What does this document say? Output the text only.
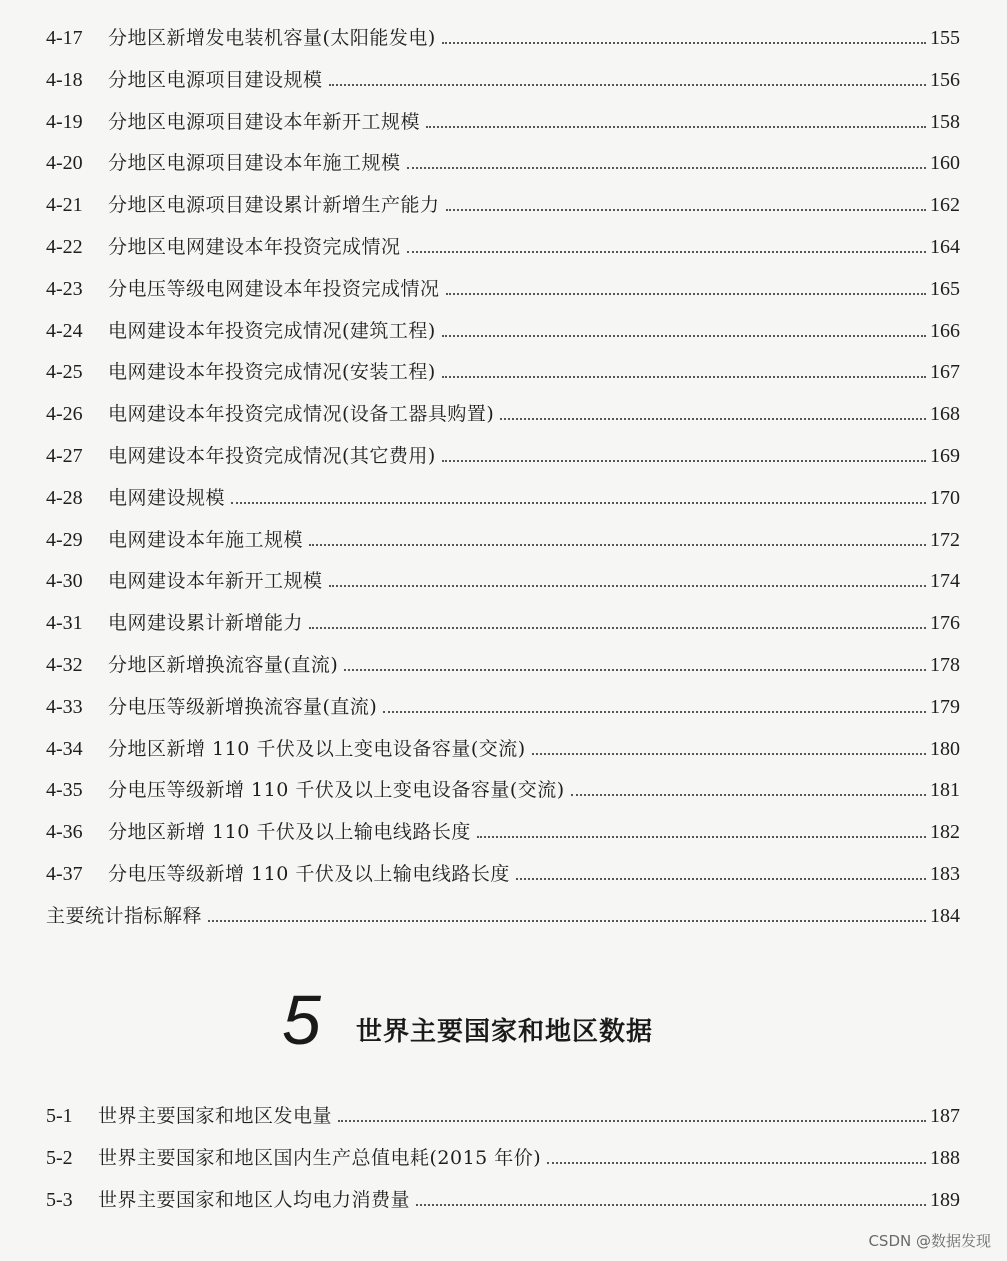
4-17	分地区新增发电装机容量(太阳能发电)	155
4-18	分地区电源项目建设规模	156
4-19	分地区电源项目建设本年新开工规模	158
4-20	分地区电源项目建设本年施工规模	160
4-21	分地区电源项目建设累计新增生产能力	162
4-22	分地区电网建设本年投资完成情况	164
4-23	分电压等级电网建设本年投资完成情况	165
4-24	电网建设本年投资完成情况(建筑工程)	166
4-25	电网建设本年投资完成情况(安装工程)	167
4-26	电网建设本年投资完成情况(设备工器具购置)	168
4-27	电网建设本年投资完成情况(其它费用)	169
4-28	电网建设规模	170
4-29	电网建设本年施工规模	172
4-30	电网建设本年新开工规模	174
4-31	电网建设累计新增能力	176
4-32	分地区新增换流容量(直流)	178
4-33	分电压等级新增换流容量(直流)	179
4-34	分地区新增 110 千伏及以上变电设备容量(交流)	180
4-35	分电压等级新增 110 千伏及以上变电设备容量(交流)	181
4-36	分地区新增 110 千伏及以上输电线路长度	182
4-37	分电压等级新增 110 千伏及以上输电线路长度	183
主要统计指标解释	184
5 世界主要国家和地区数据
5-1	世界主要国家和地区发电量	187
5-2	世界主要国家和地区国内生产总值电耗(2015 年价)	188
5-3	世界主要国家和地区人均电力消费量	189
CSDN @数据发现
